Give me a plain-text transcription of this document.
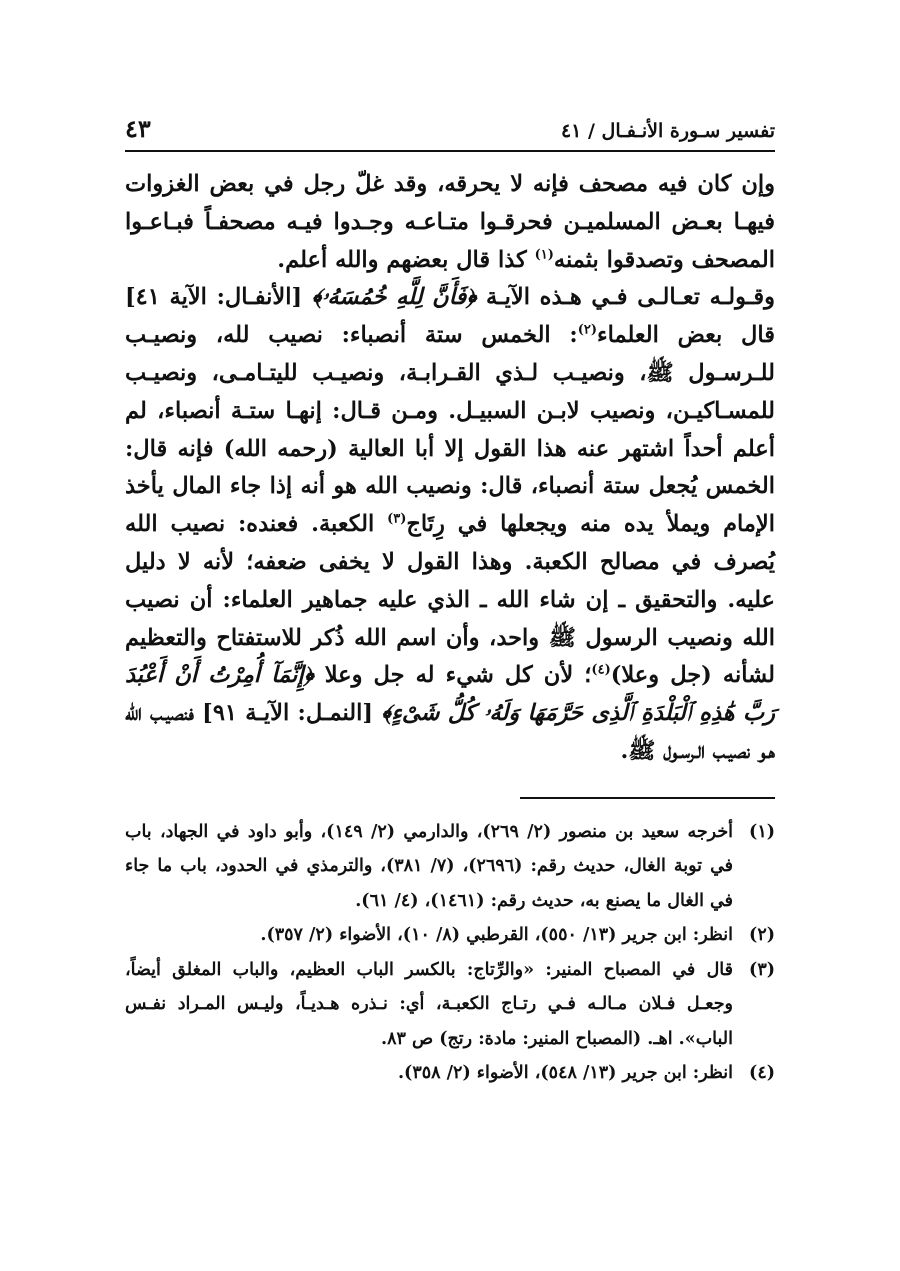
تفسير سـورة الأنـفـال / ٤١
٤٣

وإن كان فيه مصحف فإنه لا يحرقه، وقد غلّ رجل في بعض الغزوات فيهـا بعـض المسلميـن فحرقـوا متـاعـه وجـدوا فيـه مصحفـاً فبـاعـوا المصحف وتصدقوا بثمنه$^{(١)}$ كذا قال بعضهم والله أعلم.

وقـولـه تعـالـى فـي هـذه الآيـة ﴿فَأَنَّ لِلَّهِ خُمُسَهُۥ﴾ [الأنفـال: الآية ٤١] قال بعض العلماء$^{(٢)}$: الخمس ستة أنصباء: نصيب لله، ونصيـب للـرسـول ﷺ، ونصيـب لـذي القـرابـة، ونصيـب لليتـامـى، ونصيـب للمسـاكيـن، ونصيب لابـن السبيـل. ومـن قـال: إنهـا ستـة أنصباء، لم أعلم أحداً اشتهر عنه هذا القول إلا أبا العالية (رحمه الله) فإنه قال: الخمس يُجعل ستة أنصباء، قال: ونصيب الله هو أنه إذا جاء المال يأخذ الإمام ويملأ يده منه ويجعلها في رِتَاج$^{(٣)}$ الكعبة. فعنده: نصيب الله يُصرف في مصالح الكعبة. وهذا القول لا يخفى ضعفه؛ لأنه لا دليل عليه. والتحقيق ـ إن شاء الله ـ الذي عليه جماهير العلماء: أن نصيب الله ونصيب الرسول ﷺ واحد، وأن اسم الله ذُكر للاستفتاح والتعظيم لشأنه (جل وعلا)$^{(٤)}$؛ لأن كل شيء له جل وعلا ﴿إِنَّمَآ أُمِرْتُ أَنْ أَعْبُدَ رَبَّ هَٰذِهِ ٱلْبَلْدَةِ ٱلَّذِى حَرَّمَهَا وَلَهُۥ كُلُّ شَىْءٍ﴾ [النمـل: الآيـة ٩١] فنصيـب الله هـو نصيـب الـرسـول ﷺ.

(١)
أخرجه سعيد بن منصور (٢/ ٢٦٩)، والدارمي (٢/ ١٤٩)، وأبو داود في الجهاد، باب في توبة الغال، حديث رقم: (٢٦٩٦)، (٧/ ٣٨١)، والترمذي في الحدود، باب ما جاء في الغال ما يصنع به، حديث رقم: (١٤٦١)، (٤/ ٦١).
(٢)
انظر: ابن جرير (١٣/ ٥٥٠)، القرطبي (٨/ ١٠)، الأضواء (٢/ ٣٥٧).
(٣)
قال في المصباح المنير: «والرِّتاج: بالكسر الباب العظيم، والباب المغلق أيضاً، وجعـل فـلان مـالـه فـي رتـاج الكعبـة، أي: نـذره هـديـاً، وليـس المـراد نفـس الباب». اهـ. (المصباح المنير: مادة: رتج) ص ٨٣.
(٤)
انظر: ابن جرير (١٣/ ٥٤٨)، الأضواء (٢/ ٣٥٨).
